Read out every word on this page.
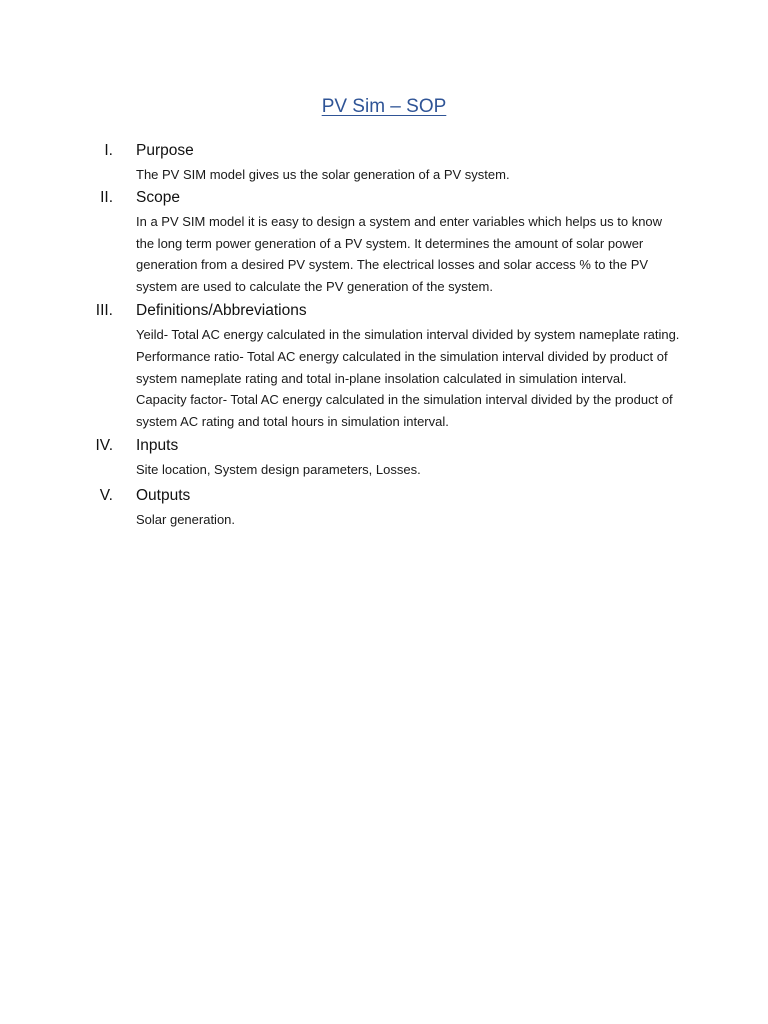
PV Sim – SOP
I. Purpose

The PV SIM model gives us the solar generation of a PV system.

II. Scope

In a PV SIM model it is easy to design a system and enter variables which helps us to know the long term power generation of a PV system. It determines the amount of solar power generation from a desired PV system. The electrical losses and solar access % to the PV system are used to calculate the PV generation of the system.

III. Definitions/Abbreviations

Yeild- Total AC energy calculated in the simulation interval divided by system nameplate rating.

Performance ratio- Total AC energy calculated in the simulation interval divided by product of system nameplate rating and total in-plane insolation calculated in simulation interval.

Capacity factor- Total AC energy calculated in the simulation interval divided by the product of system AC rating and total hours in simulation interval.

IV. Inputs

Site location, System design parameters, Losses.

V. Outputs

Solar generation.
